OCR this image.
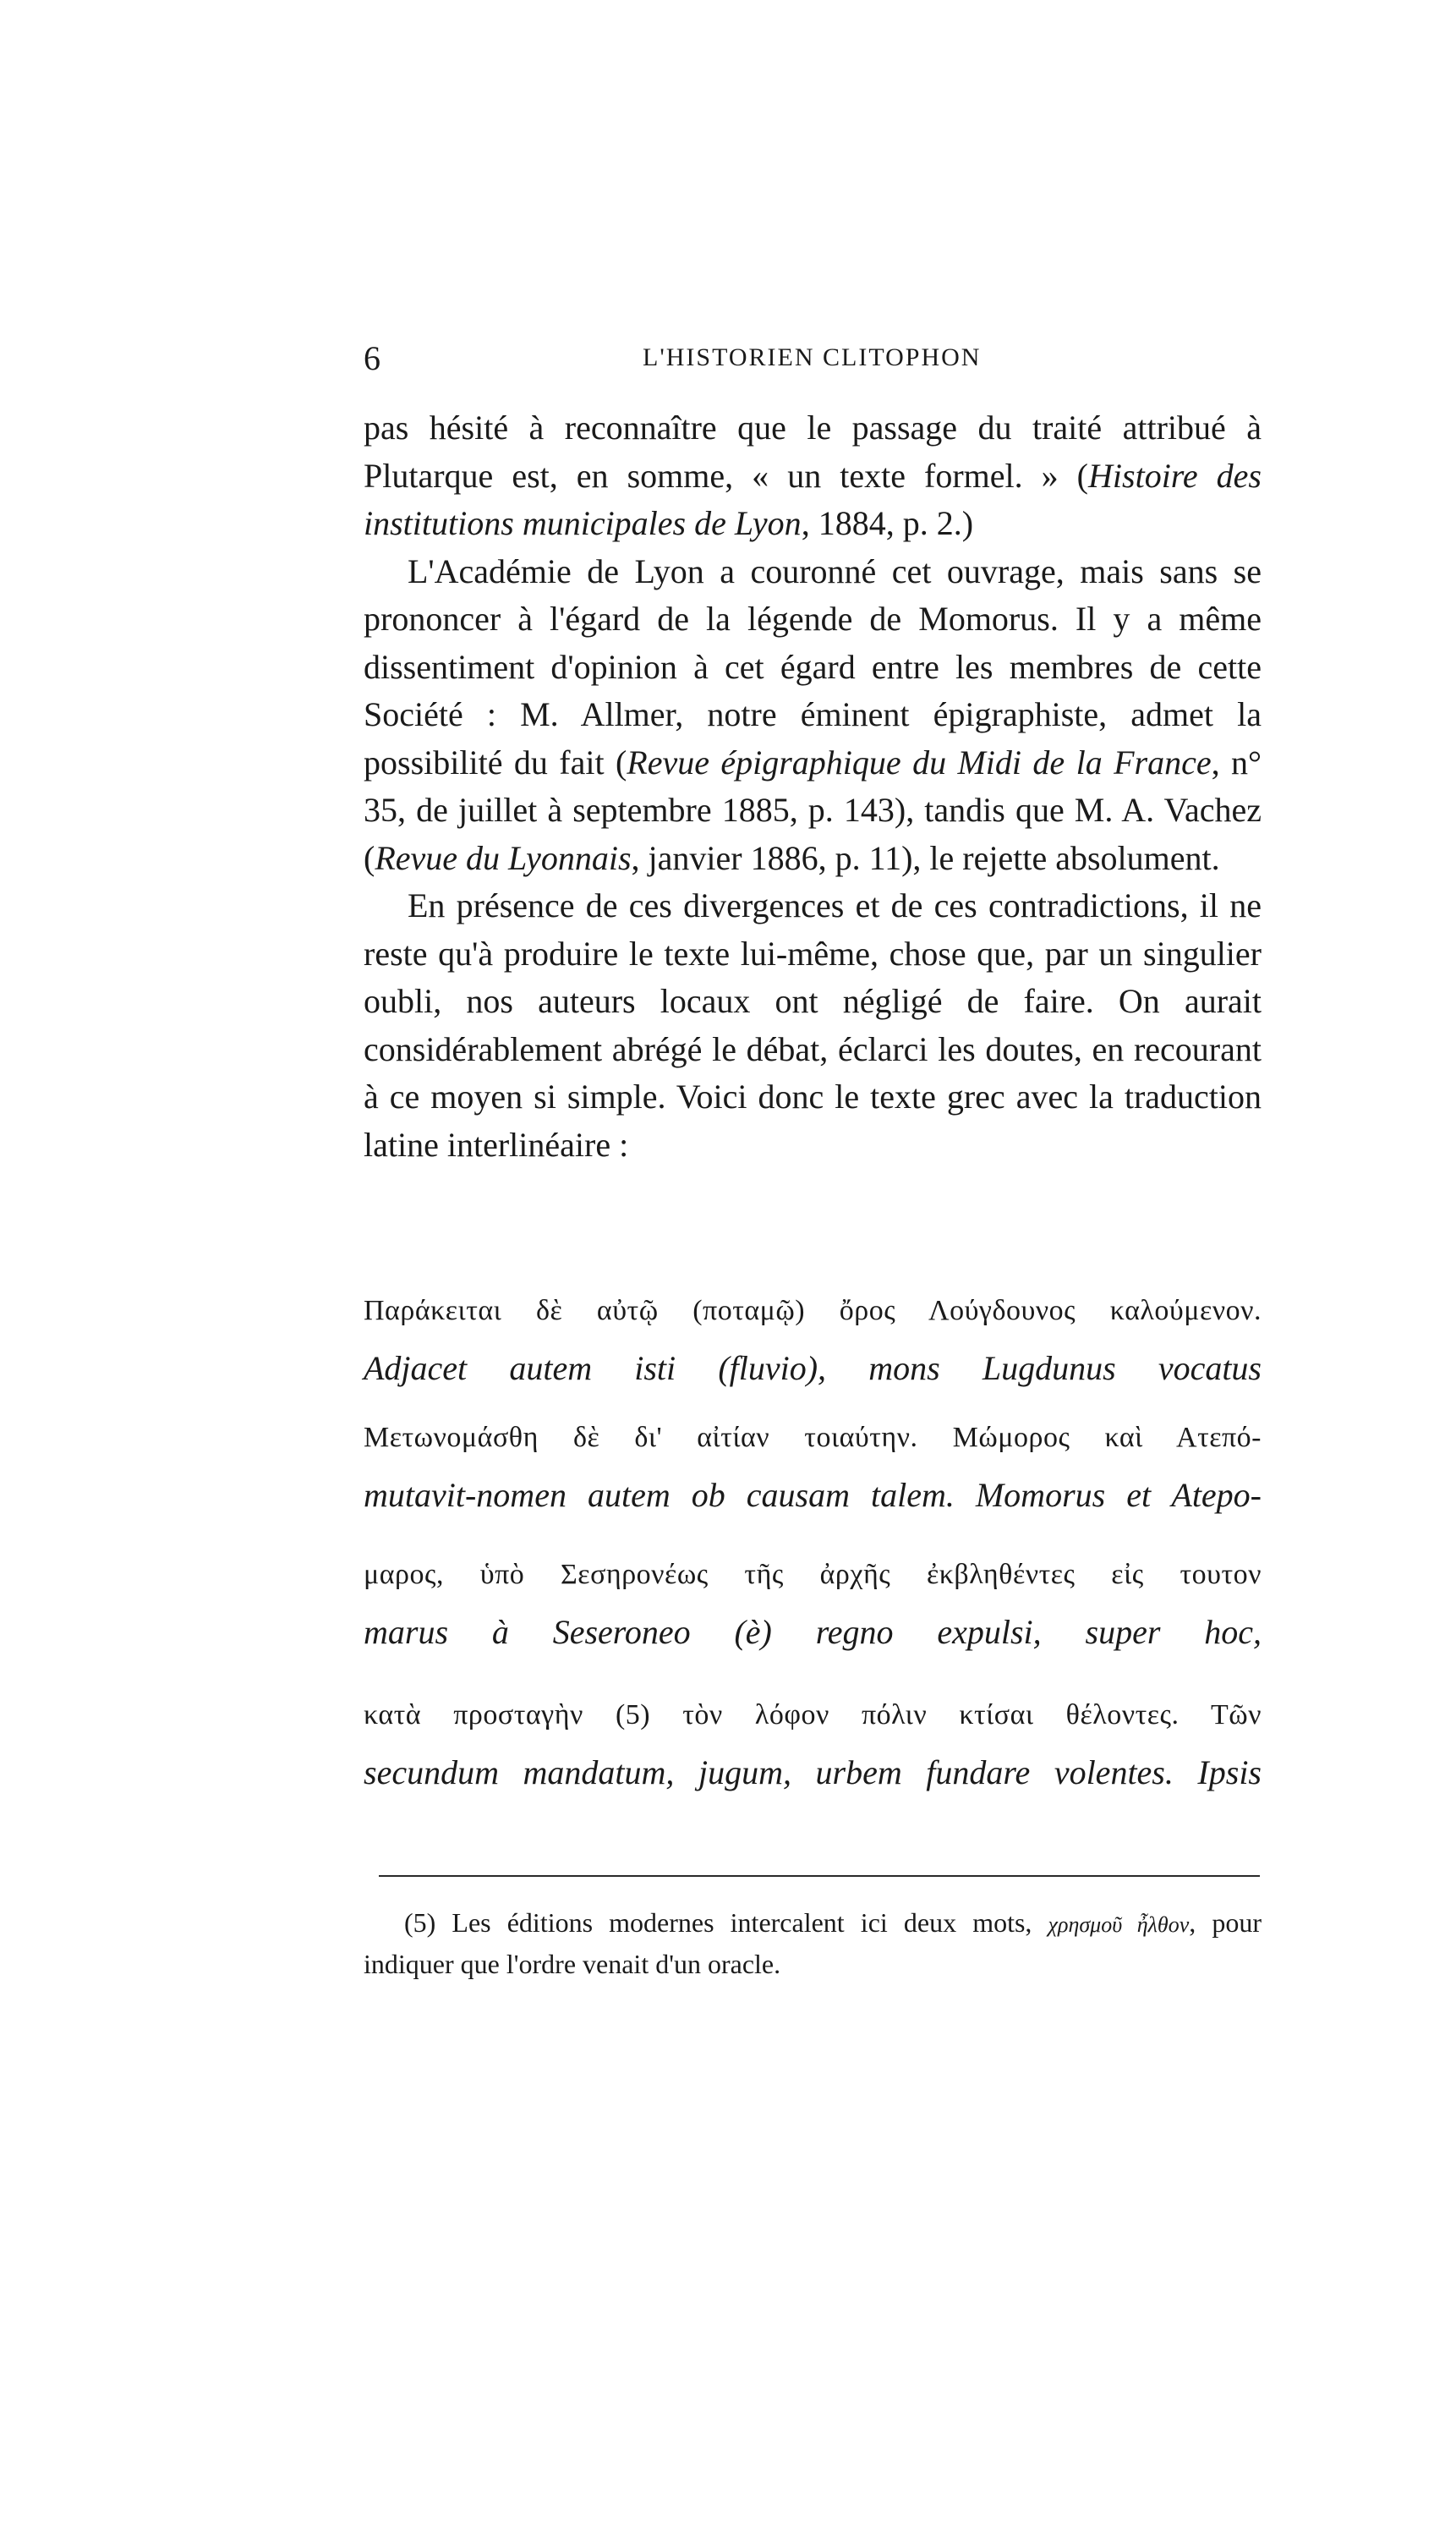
6	L'HISTORIEN CLITOPHON

pas hésité à reconnaître que le passage du traité attribué à Plutarque est, en somme, « un texte formel. » (Histoire des institutions municipales de Lyon, 1884, p. 2.)

L'Académie de Lyon a couronné cet ouvrage, mais sans se prononcer à l'égard de la légende de Momorus. Il y a même dissentiment d'opinion à cet égard entre les membres de cette Société : M. Allmer, notre éminent épigraphiste, admet la possibilité du fait (Revue épigraphique du Midi de la France, n° 35, de juillet à septembre 1885, p. 143), tandis que M. A. Vachez (Revue du Lyonnais, janvier 1886, p. 11), le rejette absolument.

En présence de ces divergences et de ces contradictions, il ne reste qu'à produire le texte lui-même, chose que, par un singulier oubli, nos auteurs locaux ont négligé de faire. On aurait considérablement abrégé le débat, éclarci les doutes, en recourant à ce moyen si simple. Voici donc le texte grec avec la traduction latine interlinéaire :

Παράκειται δὲ αὐτῷ (ποταμῷ) ὄρος Λούγδουνος καλούμενον.
Adjacet autem isti (fluvio), mons Lugdunus vocatus
Μετωνομάσθη δὲ δι' αἰτίαν τοιαύτην. Μώμορος καὶ Ατεπό-
mutavit-nomen autem ob causam talem. Momorus et Atepo-
μαρος, ὑπὸ Σεσηρονέως τῆς ἀρχῆς ἐκβληθέντες εἰς τουτον
marus à Seseroneo (è) regno expulsi, super hoc,
κατὰ προσταγὴν (5) τὸν λόφον πόλιν κτίσαι θέλοντες. Τῶν
secundum mandatum, jugum, urbem fundare volentes. Ipsis

(5) Les éditions modernes intercalent ici deux mots, χρησμοῦ ἦλθον, pour indiquer que l'ordre venait d'un oracle.
